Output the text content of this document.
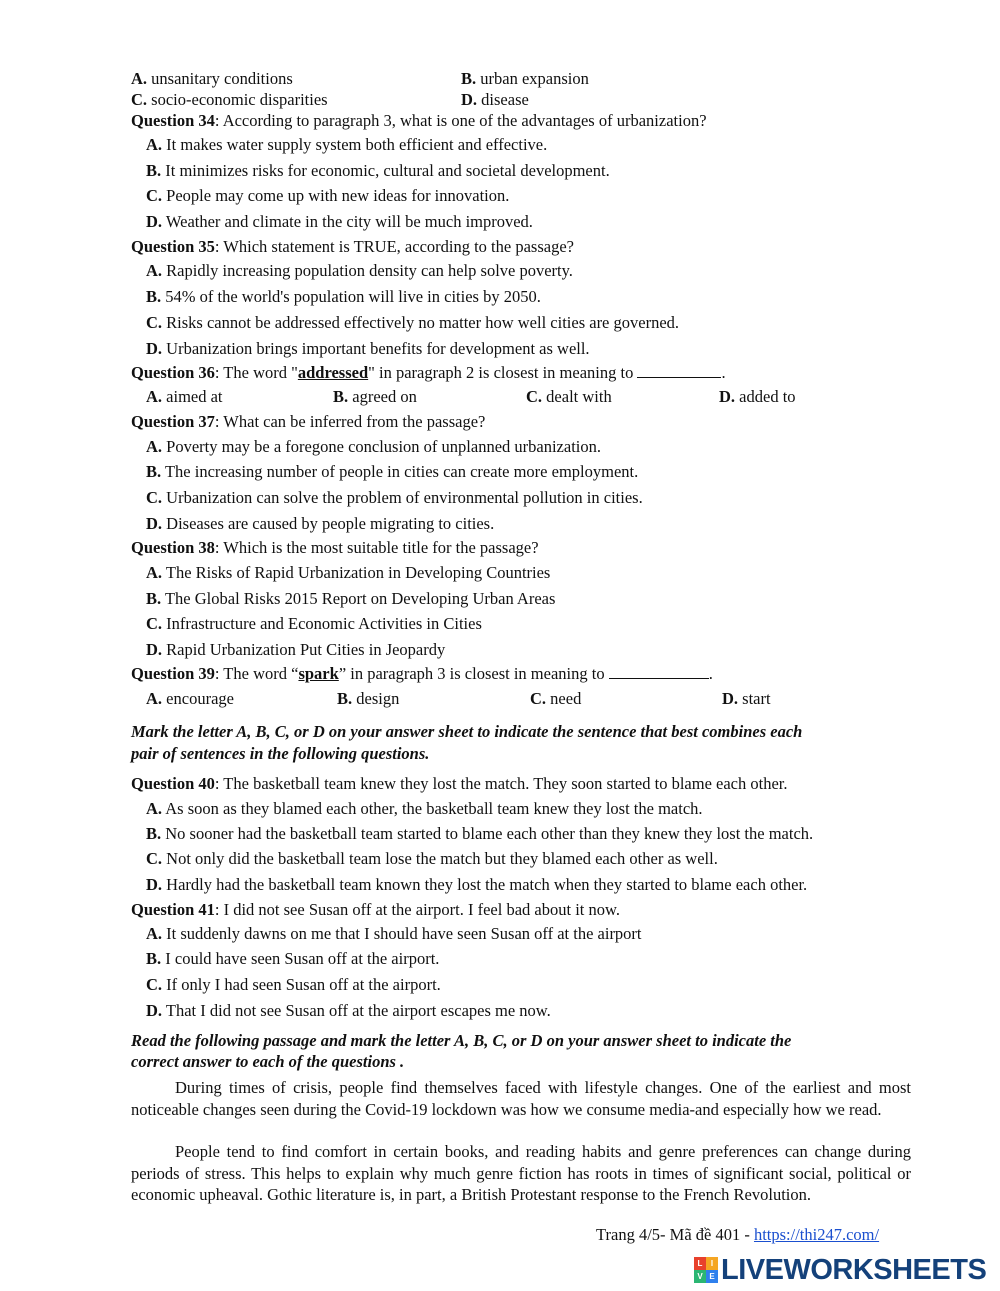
A. unsanitary conditions	B. urban expansion
C. socio-economic disparities	D. disease
Question 34: According to paragraph 3, what is one of the advantages of urbanization?
A. It makes water supply system both efficient and effective.
B. It minimizes risks for economic, cultural and societal development.
C. People may come up with new ideas for innovation.
D. Weather and climate in the city will be much improved.
Question 35: Which statement is TRUE, according to the passage?
A. Rapidly increasing population density can help solve poverty.
B. 54% of the world's population will live in cities by 2050.
C. Risks cannot be addressed effectively no matter how well cities are governed.
D. Urbanization brings important benefits for development as well.
Question 36: The word "addressed" in paragraph 2 is closest in meaning to	.
A. aimed at	B. agreed on	C. dealt with	D. added to
Question 37: What can be inferred from the passage?
A. Poverty may be a foregone conclusion of unplanned urbanization.
B. The increasing number of people in cities can create more employment.
C. Urbanization can solve the problem of environmental pollution in cities.
D. Diseases are caused by people migrating to cities.
Question 38: Which is the most suitable title for the passage?
A. The Risks of Rapid Urbanization in Developing Countries
B. The Global Risks 2015 Report on Developing Urban Areas
C. Infrastructure and Economic Activities in Cities
D. Rapid Urbanization Put Cities in Jeopardy
Question 39: The word “spark” in paragraph 3 is closest in meaning to	.
A. encourage	B. design	C. need	D. start
Mark the letter A, B, C, or D on your answer sheet to indicate the sentence that best combines each
pair of sentences in the following questions.
Question 40: The basketball team knew they lost the match. They soon started to blame each other.
A. As soon as they blamed each other, the basketball team knew they lost the match.
B. No sooner had the basketball team started to blame each other than they knew they lost the match.
C. Not only did the basketball team lose the match but they blamed each other as well.
D. Hardly had the basketball team known they lost the match when they started to blame each other.
Question 41: I did not see Susan off at the airport. I feel bad about it now.
A. It suddenly dawns on me that I should have seen Susan off at the airport
B. I could have seen Susan off at the airport.
C. If only I had seen Susan off at the airport.
D. That I did not see Susan off at the airport escapes me now.
Read the following passage and mark the letter A, B, C, or D on your answer sheet to indicate the
correct answer to each of the questions .
During times of crisis, people find themselves faced with lifestyle changes. One of the earliest and most noticeable changes seen during the Covid-19 lockdown was how we consume media-and especially how we read.
People tend to find comfort in certain books, and reading habits and genre preferences can change during periods of stress. This helps to explain why much genre fiction has roots in times of significant social, political or economic upheaval. Gothic literature is, in part, a British Protestant response to the French Revolution.
Trang 4/5- Mã đề 401 - https://thi247.com/
L	I
V E LIVEWORKSHEETS
